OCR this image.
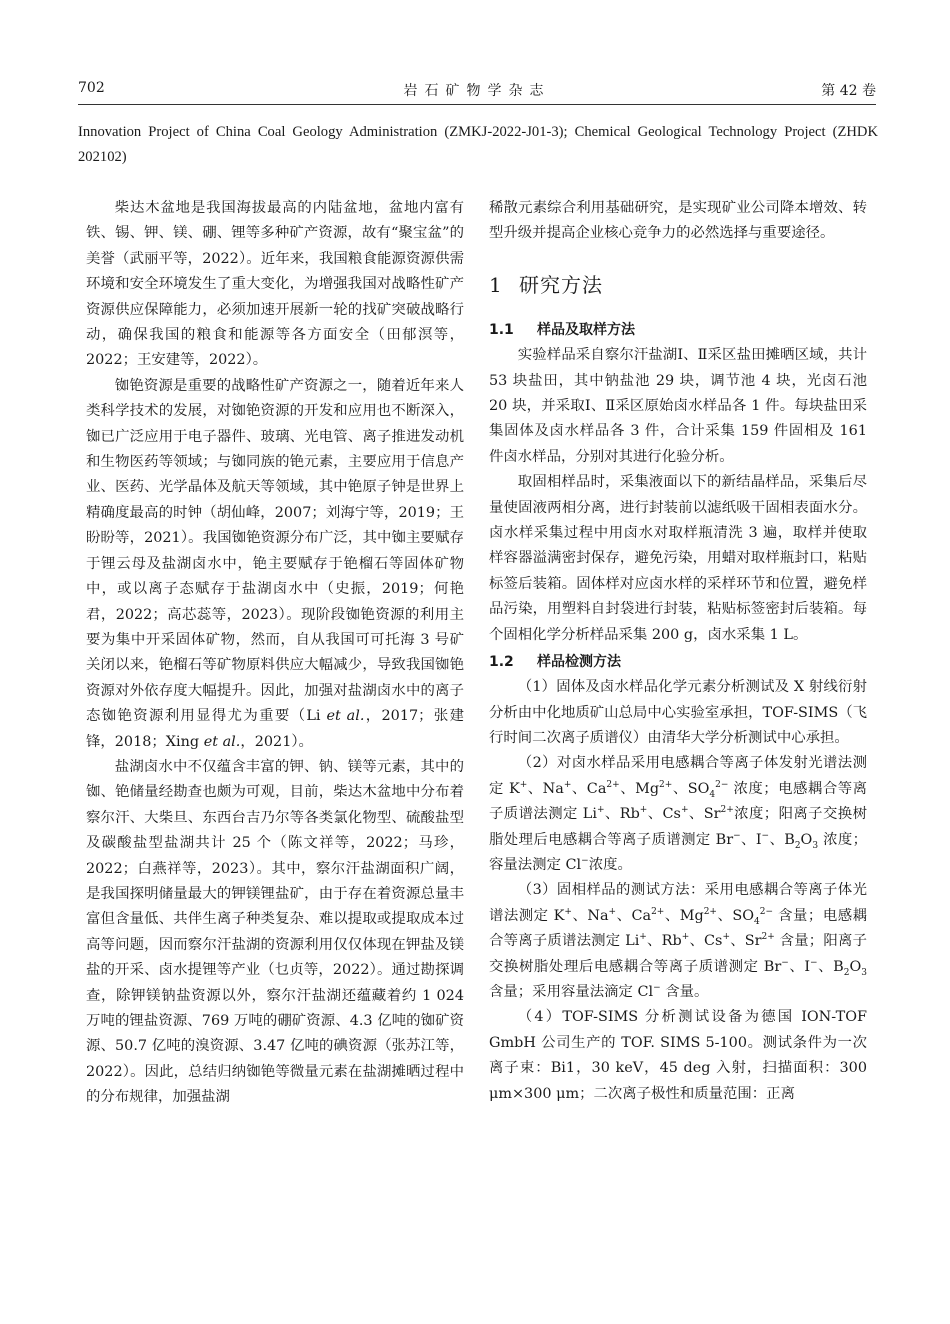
702	岩石矿物学杂志	第 42 卷
Innovation Project of China Coal Geology Administration (ZMKJ-2022-J01-3); Chemical Geological Technology Project (ZHDK 202102)

柴达木盆地是我国海拔最高的内陆盆地，盆地内富有铁、锡、钾、镁、硼、锂等多种矿产资源，故有“聚宝盆”的美誉（武丽平等，2022）。近年来，我国粮食能源资源供需环境和安全环境发生了重大变化，为增强我国对战略性矿产资源供应保障能力，必须加速开展新一轮的找矿突破战略行动，确保我国的粮食和能源等各方面安全（田郁溟等，2022；王安建等，2022）。

铷铯资源是重要的战略性矿产资源之一，随着近年来人类科学技术的发展，对铷铯资源的开发和应用也不断深入，铷已广泛应用于电子器件、玻璃、光电管、离子推进发动机和生物医药等领域；与铷同族的铯元素，主要应用于信息产业、医药、光学晶体及航天等领域，其中铯原子钟是世界上精确度最高的时钟（胡仙峰，2007；刘海宁等，2019；王盼盼等，2021）。我国铷铯资源分布广泛，其中铷主要赋存于锂云母及盐湖卤水中，铯主要赋存于铯榴石等固体矿物中，或以离子态赋存于盐湖卤水中（史振，2019；何艳君，2022；高芯蕊等，2023）。现阶段铷铯资源的利用主要为集中开采固体矿物，然而，自从我国可可托海 3 号矿关闭以来，铯榴石等矿物原料供应大幅减少，导致我国铷铯资源对外依存度大幅提升。因此，加强对盐湖卤水中的离子态铷铯资源利用显得尤为重要（Li et al.，2017；张建锋，2018；Xing et al.，2021）。

盐湖卤水中不仅蕴含丰富的钾、钠、镁等元素，其中的铷、铯储量经勘查也颇为可观，目前，柴达木盆地中分布着察尔汗、大柴旦、东西台吉乃尔等各类氯化物型、硫酸盐型及碳酸盐型盐湖共计 25 个（陈文祥等，2022；马珍，2022；白燕祥等，2023）。其中，察尔汗盐湖面积广阔，是我国探明储量最大的钾镁锂盐矿，由于存在着资源总量丰富但含量低、共伴生离子种类复杂、难以提取或提取成本过高等问题，因而察尔汗盐湖的资源利用仅仅体现在钾盐及镁盐的开采、卤水提锂等产业（乜贞等，2022）。通过勘探调查，除钾镁钠盐资源以外，察尔汗盐湖还蕴藏着约 1 024 万吨的锂盐资源、769 万吨的硼矿资源、4.3 亿吨的铷矿资源、50.7 亿吨的溴资源、3.47 亿吨的碘资源（张苏江等，2022）。因此，总结归纳铷铯等微量元素在盐湖摊晒过程中的分布规律，加强盐湖

稀散元素综合利用基础研究，是实现矿业公司降本增效、转型升级并提高企业核心竞争力的必然选择与重要途径。

1 研究方法
1.1 样品及取样方法

实验样品采自察尔汗盐湖Ⅰ、Ⅱ采区盐田摊晒区域，共计 53 块盐田，其中钠盐池 29 块，调节池 4 块，光卤石池 20 块，并采取Ⅰ、Ⅱ采区原始卤水样品各 1 件。每块盐田采集固体及卤水样品各 3 件，合计采集 159 件固相及 161 件卤水样品，分别对其进行化验分析。

取固相样品时，采集液面以下的新结晶样品，采集后尽量使固液两相分离，进行封装前以滤纸吸干固相表面水分。卤水样采集过程中用卤水对取样瓶清洗 3 遍，取样并使取样容器溢满密封保存，避免污染，用蜡对取样瓶封口，粘贴标签后装箱。固体样对应卤水样的采样环节和位置，避免样品污染，用塑料自封袋进行封装，粘贴标签密封后装箱。每个固相化学分析样品采集 200 g，卤水采集 1 L。

1.2 样品检测方法

（1）固体及卤水样品化学元素分析测试及 X 射线衍射分析由中化地质矿山总局中心实验室承担，TOF-SIMS（飞行时间二次离子质谱仪）由清华大学分析测试中心承担。

（2）对卤水样品采用电感耦合等离子体发射光谱法测定 K+、Na+、$Ca^{2+}$、$Mg^{2+}$、$SO_4^{2-}$ 浓度；电感耦合等离子质谱法测定 Li+、Rb+、Cs+、$Sr^{2+}$浓度；阳离子交换树脂处理后电感耦合等离子质谱测定 Br−、I−、$B_2O_3$ 浓度；容量法测定 Cl−浓度。

（3）固相样品的测试方法：采用电感耦合等离子体光谱法测定 K+、Na+、$Ca^{2+}$、$Mg^{2+}$、$SO_4^{2-}$ 含量；电感耦合等离子质谱法测定 Li+、Rb+、Cs+、$Sr^{2+}$ 含量；阳离子交换树脂处理后电感耦合等离子质谱测定 Br−、I−、$B_2O_3$ 含量；采用容量法滴定 Cl− 含量。

（4）TOF-SIMS 分析测试设备为德国 ION-TOF GmbH 公司生产的 TOF. SIMS 5-100。测试条件为一次离子束：Bi1，30 keV，45 deg 入射，扫描面积：300 μm×300 μm；二次离子极性和质量范围：正离
